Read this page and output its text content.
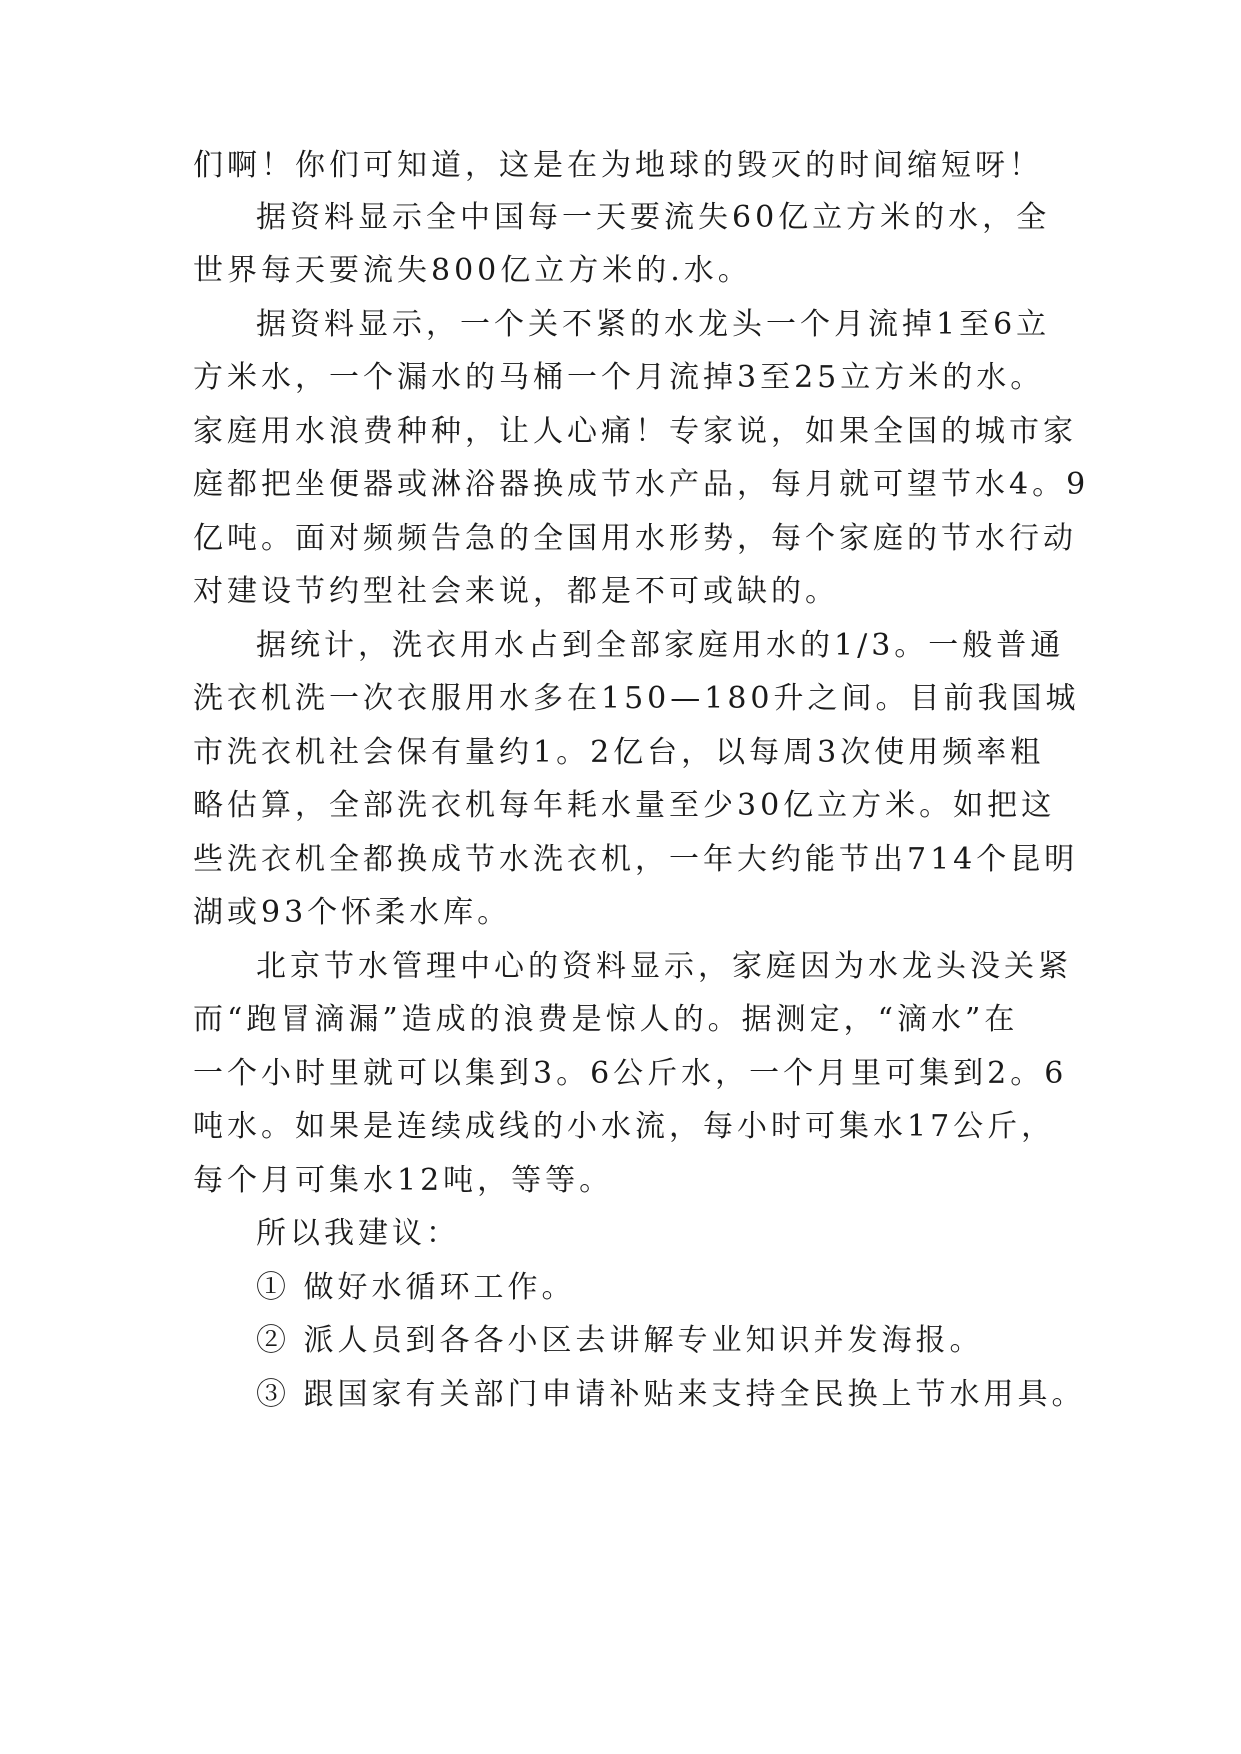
们啊！你们可知道，这是在为地球的毁灭的时间缩短呀！
据资料显示全中国每一天要流失60亿立方米的水，全
世界每天要流失800亿立方米的.水。
据资料显示，一个关不紧的水龙头一个月流掉1至6立
方米水，一个漏水的马桶一个月流掉3至25立方米的水。
家庭用水浪费种种，让人心痛！专家说，如果全国的城市家
庭都把坐便器或淋浴器换成节水产品，每月就可望节水4。9
亿吨。面对频频告急的全国用水形势，每个家庭的节水行动
对建设节约型社会来说，都是不可或缺的。
据统计，洗衣用水占到全部家庭用水的1/3。一般普通
洗衣机洗一次衣服用水多在150—180升之间。目前我国城
市洗衣机社会保有量约1。2亿台，以每周3次使用频率粗
略估算，全部洗衣机每年耗水量至少30亿立方米。如把这
些洗衣机全都换成节水洗衣机，一年大约能节出714个昆明
湖或93个怀柔水库。
北京节水管理中心的资料显示，家庭因为水龙头没关紧
而“跑冒滴漏”造成的浪费是惊人的。据测定，“滴水”在
一个小时里就可以集到3。6公斤水，一个月里可集到2。6
吨水。如果是连续成线的小水流，每小时可集水17公斤，
每个月可集水12吨，等等。
所以我建议：
① 做好水循环工作。
② 派人员到各各小区去讲解专业知识并发海报。
③ 跟国家有关部门申请补贴来支持全民换上节水用具。
